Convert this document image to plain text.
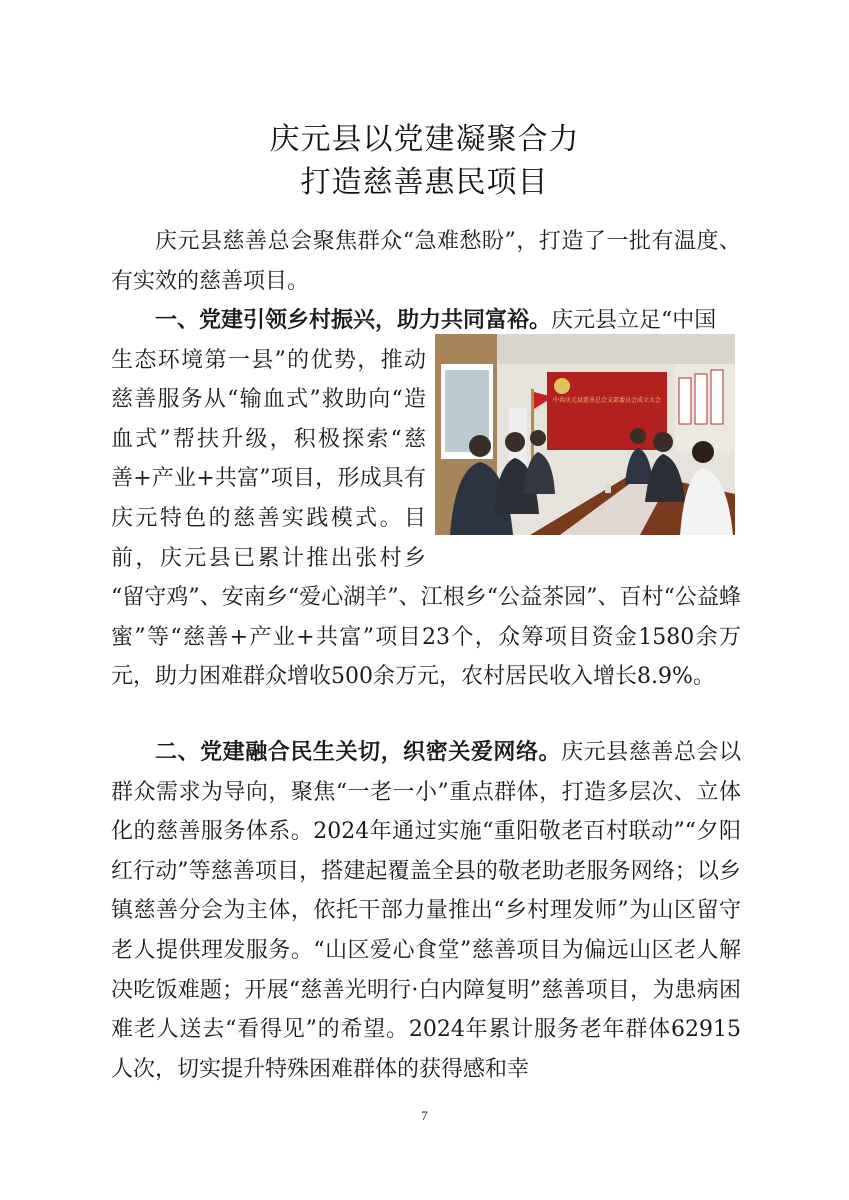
庆元县以党建凝聚合力
打造慈善惠民项目

庆元县慈善总会聚焦群众“急难愁盼”，打造了一批有温度、有实效的慈善项目。

一、党建引领乡村振兴，助力共同富裕。庆元县立足“中国
生态环境第一县”的优势，推动
慈善服务从“输血式”救助向“造
血式”帮扶升级，积极探索“慈
善+产业+共富”项目，形成具有
庆元特色的慈善实践模式。目
前，庆元县已累计推出张村乡

“留守鸡”、安南乡“爱心湖羊”、江根乡“公益茶园”、百村“公益蜂蜜”等“慈善+产业+共富”项目23个，众筹项目资金1580余万元，助力困难群众增收500余万元，农村居民收入增长8.9%。

中共庆元县慈善总会支部委员会成立大会
二、党建融合民生关切，织密关爱网络。庆元县慈善总会以群众需求为导向，聚焦“一老一小”重点群体，打造多层次、立体化的慈善服务体系。2024年通过实施“重阳敬老百村联动”“夕阳红行动”等慈善项目，搭建起覆盖全县的敬老助老服务网络；以乡镇慈善分会为主体，依托干部力量推出“乡村理发师”为山区留守老人提供理发服务。“山区爱心食堂”慈善项目为偏远山区老人解决吃饭难题；开展“慈善光明行·白内障复明”慈善项目，为患病困难老人送去“看得见”的希望。2024年累计服务老年群体62915人次，切实提升特殊困难群体的获得感和幸
7
